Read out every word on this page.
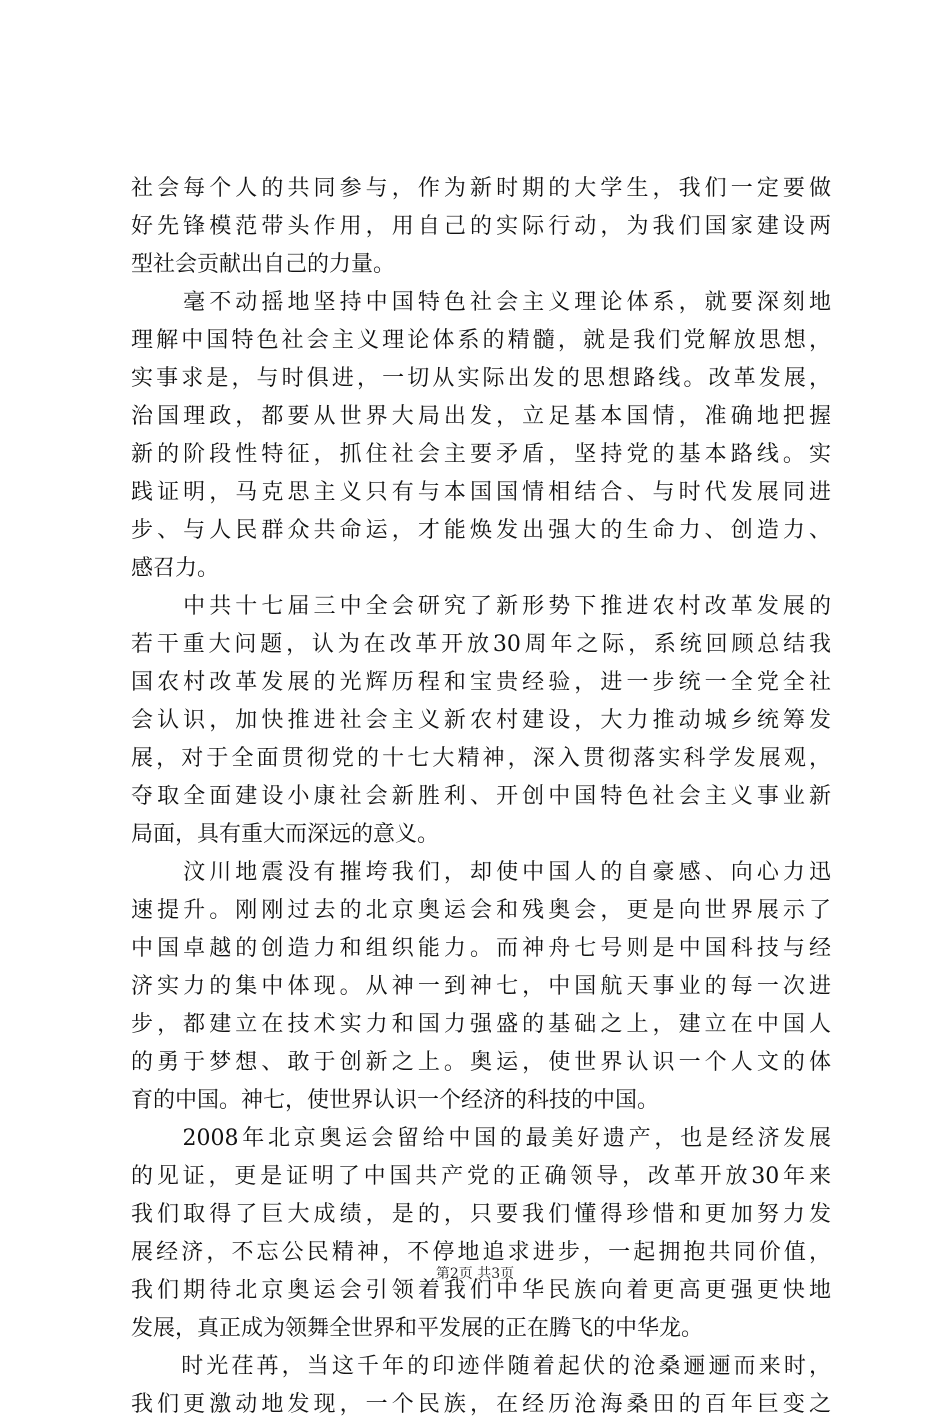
社会每个人的共同参与，作为新时期的大学生，我们一定要做
好先锋模范带头作用，用自己的实际行动，为我们国家建设两
型社会贡献出自己的力量。
　　毫不动摇地坚持中国特色社会主义理论体系，就要深刻地
理解中国特色社会主义理论体系的精髓，就是我们党解放思想，
实事求是，与时俱进，一切从实际出发的思想路线。改革发展，
治国理政，都要从世界大局出发，立足基本国情，准确地把握
新的阶段性特征，抓住社会主要矛盾，坚持党的基本路线。实
践证明，马克思主义只有与本国国情相结合、与时代发展同进
步、与人民群众共命运，才能焕发出强大的生命力、创造力、
感召力。
　　中共十七届三中全会研究了新形势下推进农村改革发展的
若干重大问题，认为在改革开放30周年之际，系统回顾总结我
国农村改革发展的光辉历程和宝贵经验，进一步统一全党全社
会认识，加快推进社会主义新农村建设，大力推动城乡统筹发
展，对于全面贯彻党的十七大精神，深入贯彻落实科学发展观，
夺取全面建设小康社会新胜利、开创中国特色社会主义事业新
局面，具有重大而深远的意义。
　　汶川地震没有摧垮我们，却使中国人的自豪感、向心力迅
速提升。刚刚过去的北京奥运会和残奥会，更是向世界展示了
中国卓越的创造力和组织能力。而神舟七号则是中国科技与经
济实力的集中体现。从神一到神七，中国航天事业的每一次进
步，都建立在技术实力和国力强盛的基础之上，建立在中国人
的勇于梦想、敢于创新之上。奥运，使世界认识一个人文的体
育的中国。神七，使世界认识一个经济的科技的中国。
　　2008年北京奥运会留给中国的最美好遗产，也是经济发展
的见证，更是证明了中国共产党的正确领导，改革开放30年来
我们取得了巨大成绩，是的，只要我们懂得珍惜和更加努力发
展经济，不忘公民精神，不停地追求进步，一起拥抱共同价值，
我们期待北京奥运会引领着我们中华民族向着更高更强更快地
发展，真正成为领舞全世界和平发展的正在腾飞的中华龙。
　　时光荏苒，当这千年的印迹伴随着起伏的沧桑逦逦而来时，
我们更激动地发现，一个民族，在经历沧海桑田的百年巨变之
第2页 共3页
